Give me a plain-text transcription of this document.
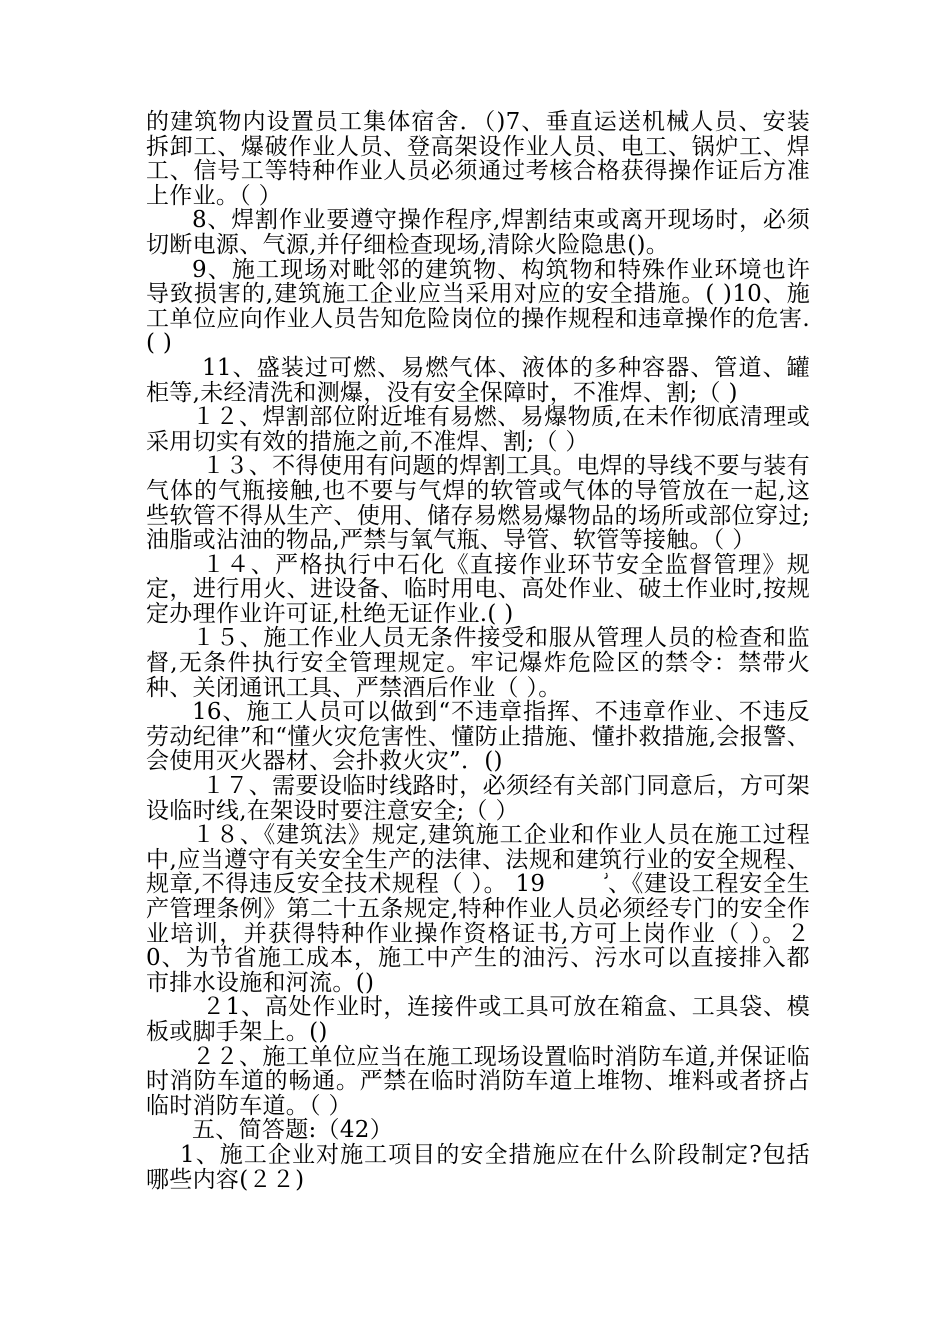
的建筑物内设置员工集体宿舍．（)7、垂直运送机械人员、安装拆卸工、爆破作业人员、登高架设作业人员、电工、锅炉工、焊工、信号工等特种作业人员必须通过考核合格获得操作证后方准上作业。（ ）

8、焊割作业要遵守操作程序,焊割结束或离开现场时，必须切断电源、气源,并仔细检查现场,清除火险隐患()。

9、施工现场对毗邻的建筑物、构筑物和特殊作业环境也许导致损害的,建筑施工企业应当采用对应的安全措施。( )10、施工单位应向作业人员告知危险岗位的操作规程和违章操作的危害.( )

11、盛装过可燃、易燃气体、液体的多种容器、管道、罐柜等,未经清洗和测爆，没有安全保障时，不准焊、割;（ )

１２、焊割部位附近堆有易燃、易爆物质,在未作彻底清理或采用切实有效的措施之前,不准焊、割;（ ）

１３、不得使用有问题的焊割工具。电焊的导线不要与装有气体的气瓶接触,也不要与气焊的软管或气体的导管放在一起,这些软管不得从生产、使用、储存易燃易爆物品的场所或部位穿过;油脂或沾油的物品,严禁与氧气瓶、导管、软管等接触。（ ）

１４、严格执行中石化《直接作业环节安全监督管理》规定，进行用火、进设备、临时用电、高处作业、破土作业时,按规定办理作业许可证,杜绝无证作业.( )

１５、施工作业人员无条件接受和服从管理人员的检查和监督,无条件执行安全管理规定。牢记爆炸危险区的禁令：禁带火种、关闭通讯工具、严禁酒后作业（ ）。

16、施工人员可以做到“不违章指挥、不违章作业、不违反劳动纪律”和“懂火灾危害性、懂防止措施、懂扑救措施,会报警、会使用灭火器材、会扑救火灾”．()

１７、需要设临时线路时，必须经有关部门同意后，方可架设临时线,在架设时要注意安全;（ ）

１８、《建筑法》规定,建筑施工企业和作业人员在施工过程中,应当遵守有关安全生产的法律、法规和建筑行业的安全规程、规章,不得违反安全技术规程（ ）。 19 、《建设工程安全生产管理条例》第二十五条规定,特种作业人员必须经专门的安全作业培训，并获得特种作业操作资格证书,方可上岗作业（ ）。２0、为节省施工成本，施工中产生的油污、污水可以直接排入都市排水设施和河流。()

２1、高处作业时，连接件或工具可放在箱盒、工具袋、模板或脚手架上。()

２２、施工单位应当在施工现场设置临时消防车道,并保证临时消防车道的畅通。严禁在临时消防车道上堆物、堆料或者挤占临时消防车道。（ ）

五、简答题:（42）

1、施工企业对施工项目的安全措施应在什么阶段制定?包括哪些内容(２２)
